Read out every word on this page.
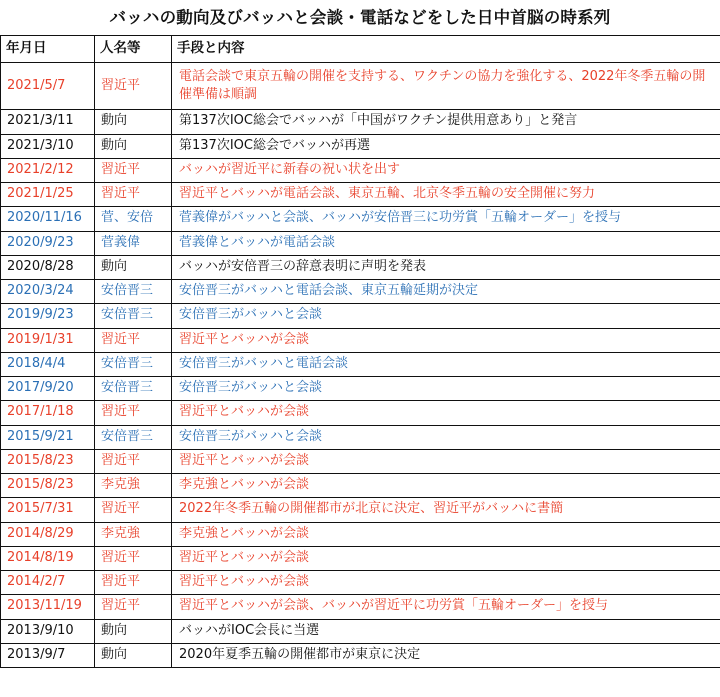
バッハの動向及びバッハと会談・電話などをした日中首脳の時系列
年月日	人名等	手段と内容
2021/5/7	習近平	電話会談で東京五輪の開催を支持する、ワクチンの協力を強化する、2022年冬季五輪の開催準備は順調
2021/3/11	動向	第137次IOC総会でバッハが「中国がワクチン提供用意あり」と発言
2021/3/10	動向	第137次IOC総会でバッハが再選
2021/2/12	習近平	バッハが習近平に新春の祝い状を出す
2021/1/25	習近平	習近平とバッハが電話会談、東京五輪、北京冬季五輪の安全開催に努力
2020/11/16	菅、安倍	菅義偉がバッハと会談、バッハが安倍晋三に功労賞「五輪オーダー」を授与
2020/9/23	菅義偉	菅義偉とバッハが電話会談
2020/8/28	動向	バッハが安倍晋三の辞意表明に声明を発表
2020/3/24	安倍晋三	安倍晋三がバッハと電話会談、東京五輪延期が決定
2019/9/23	安倍晋三	安倍晋三がバッハと会談
2019/1/31	習近平	習近平とバッハが会談
2018/4/4	安倍晋三	安倍晋三がバッハと電話会談
2017/9/20	安倍晋三	安倍晋三がバッハと会談
2017/1/18	習近平	習近平とバッハが会談
2015/9/21	安倍晋三	安倍晋三がバッハと会談
2015/8/23	習近平	習近平とバッハが会談
2015/8/23	李克強	李克強とバッハが会談
2015/7/31	習近平	2022年冬季五輪の開催都市が北京に決定、習近平がバッハに書簡
2014/8/29	李克強	李克強とバッハが会談
2014/8/19	習近平	習近平とバッハが会談
2014/2/7	習近平	習近平とバッハが会談
2013/11/19	習近平	習近平とバッハが会談、バッハが習近平に功労賞「五輪オーダー」を授与
2013/9/10	動向	バッハがIOC会長に当選
2013/9/7	動向	2020年夏季五輪の開催都市が東京に決定
